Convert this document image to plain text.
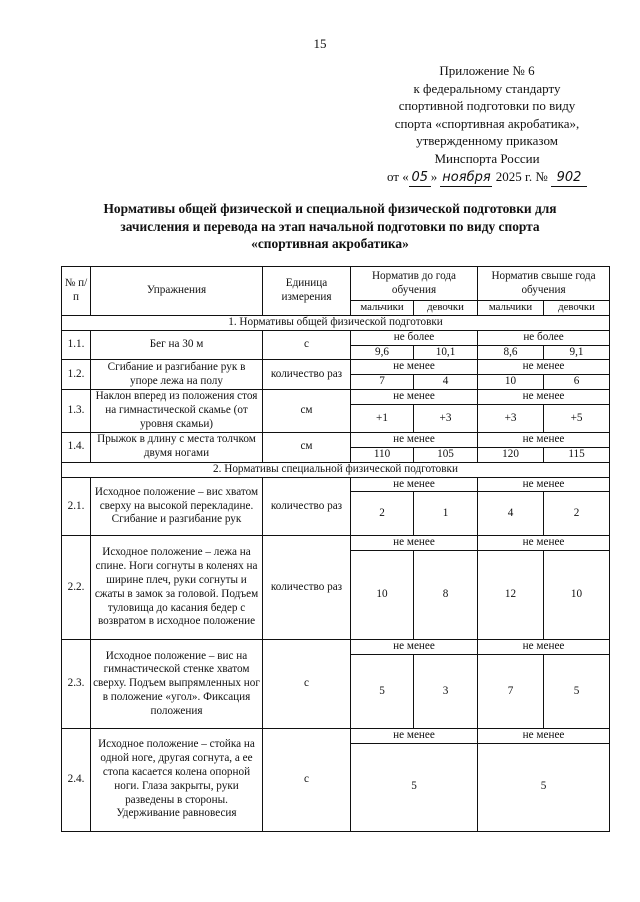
15
Приложение № 6
к федеральному стандарту
спортивной подготовки по виду
спорта «спортивная акробатика»,
утвержденному приказом
Минспорта России
от « 05 » ноября 2025 г. № 902
Нормативы общей физической и специальной физической подготовки для
зачисления и перевода на этап начальной подготовки по виду спорта
«спортивная акробатика»
№ п/п	Упражнения	Единица измерения	Норматив до года обучения		Норматив свыше года обучения	
			мальчики	девочки	мальчики	девочки
1. Нормативы общей физической подготовки						
1.1.	Бег на 30 м	с	не более		не более	
			9,6	10,1	8,6	9,1
1.2.	Сгибание и разгибание рук в упоре лежа на полу	количество раз	не менее		не менее	
			7	4	10	6
1.3.	Наклон вперед из положения стоя на гимнастической скамье (от уровня скамьи)	см	не менее		не менее	
			+1	+3	+3	+5
1.4.	Прыжок в длину с места толчком двумя ногами	см	не менее		не менее	
			110	105	120	115
2. Нормативы специальной физической подготовки						
2.1.	Исходное положение – вис хватом сверху на высокой перекладине. Сгибание и разгибание рук	количество раз	не менее		не менее	
			2	1	4	2
2.2.	Исходное положение – лежа на спине. Ноги согнуты в коленях на ширине плеч, руки согнуты и сжаты в замок за головой. Подъем туловища до касания бедер с возвратом в исходное положение	количество раз	не менее		не менее	
			10	8	12	10
2.3.	Исходное положение – вис на гимнастической стенке хватом сверху. Подъем выпрямленных ног в положение «угол». Фиксация положения	с	не менее		не менее	
			5	3	7	5
2.4.	Исходное положение – стойка на одной ноге, другая согнута, а ее стопа касается колена опорной ноги. Глаза закрыты, руки разведены в стороны. Удерживание равновесия	с	не менее		не менее	
			5		5	
